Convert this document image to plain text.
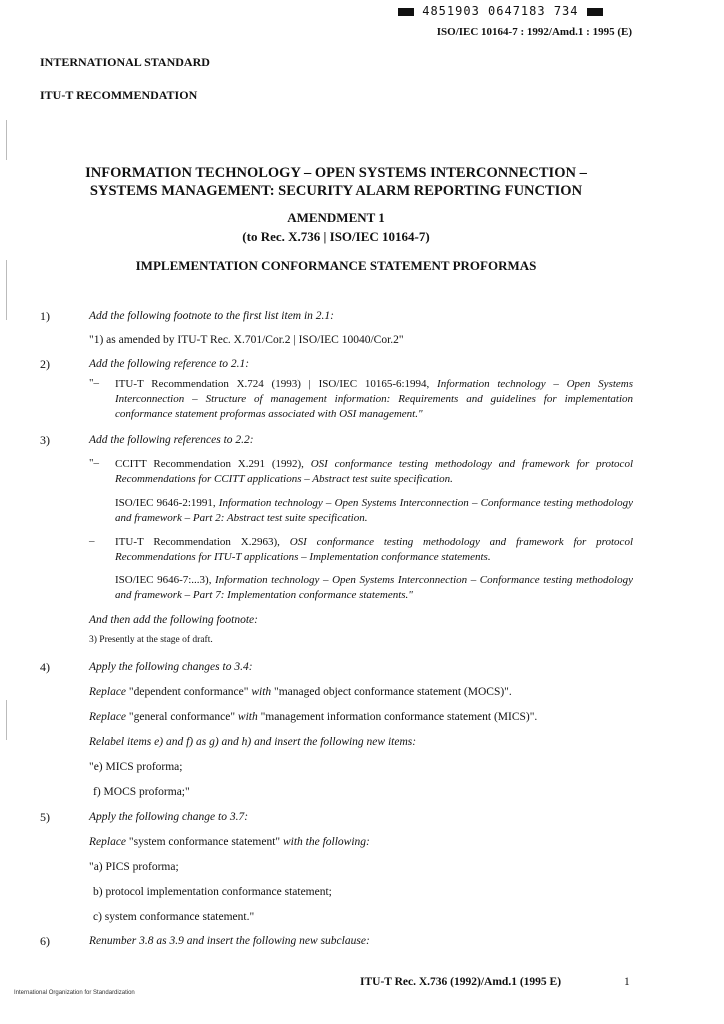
4851903 0647183 734
ISO/IEC 10164-7 : 1992/Amd.1 : 1995 (E)
INTERNATIONAL STANDARD
ITU-T RECOMMENDATION
INFORMATION TECHNOLOGY – OPEN SYSTEMS INTERCONNECTION –
SYSTEMS MANAGEMENT: SECURITY ALARM REPORTING FUNCTION
AMENDMENT 1
(to Rec. X.736 | ISO/IEC 10164-7)
IMPLEMENTATION CONFORMANCE STATEMENT PROFORMAS
1)	Add the following footnote to the first list item in 2.1:
"1) as amended by ITU-T Rec. X.701/Cor.2 | ISO/IEC 10040/Cor.2"
2)	Add the following reference to 2.1:
"– ITU-T Recommendation X.724 (1993) | ISO/IEC 10165-6:1994, Information technology – Open Systems Interconnection – Structure of management information: Requirements and guidelines for implementation conformance statement proformas associated with OSI management."
3)	Add the following references to 2.2:
"– CCITT Recommendation X.291 (1992), OSI conformance testing methodology and framework for protocol Recommendations for CCITT applications – Abstract test suite specification.
ISO/IEC 9646-2:1991, Information technology – Open Systems Interconnection – Conformance testing methodology and framework – Part 2: Abstract test suite specification.
– ITU-T Recommendation X.2963), OSI conformance testing methodology and framework for protocol Recommendations for ITU-T applications – Implementation conformance statements.
ISO/IEC 9646-7:...3), Information technology – Open Systems Interconnection – Conformance testing methodology and framework – Part 7: Implementation conformance statements."
And then add the following footnote:
3) Presently at the stage of draft.
4)	Apply the following changes to 3.4:
Replace "dependent conformance" with "managed object conformance statement (MOCS)".
Replace "general conformance" with "management information conformance statement (MICS)".
Relabel items e) and f) as g) and h) and insert the following new items:
"e) MICS proforma;
f) MOCS proforma;"
5)	Apply the following change to 3.7:
Replace "system conformance statement" with the following:
"a) PICS proforma;
b) protocol implementation conformance statement;
c) system conformance statement."
6)	Renumber 3.8 as 3.9 and insert the following new subclause:
ITU-T Rec. X.736 (1992)/Amd.1 (1995 E)	1
International Organization for Standardization
